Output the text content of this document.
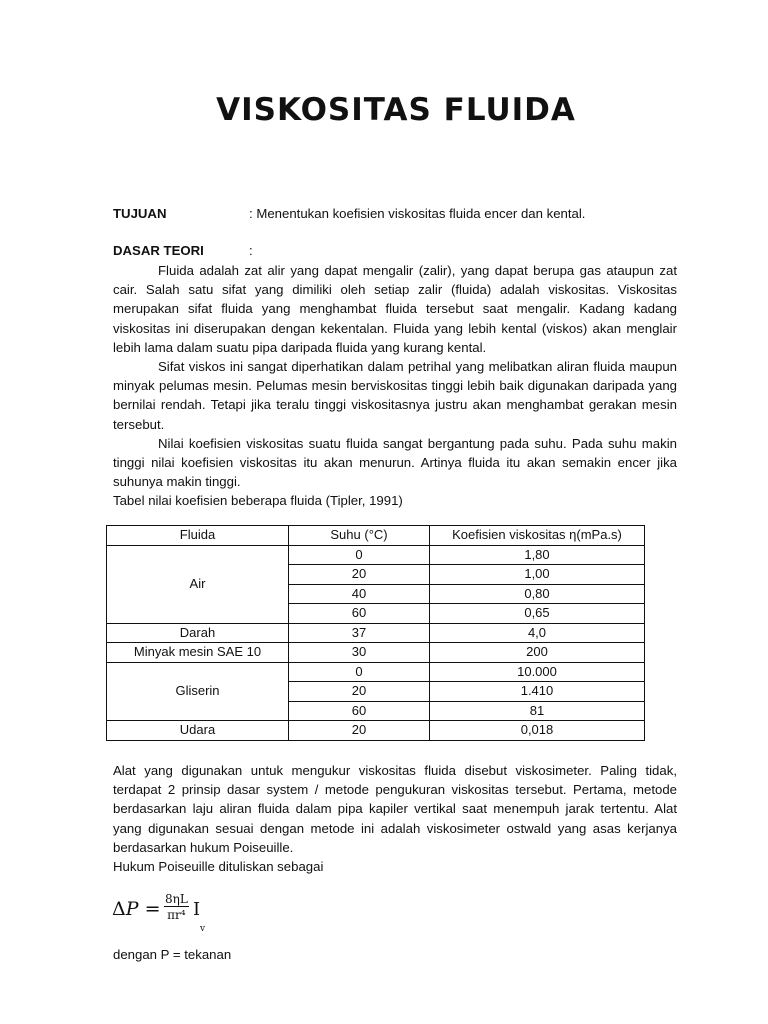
VISKOSITAS FLUIDA
TUJUAN	: Menentukan koefisien viskositas fluida encer dan kental.
DASAR TEORI	:

Fluida adalah zat alir yang dapat mengalir (zalir), yang dapat berupa gas ataupun zat cair. Salah satu sifat yang dimiliki oleh setiap zalir (fluida) adalah viskositas. Viskositas merupakan sifat fluida yang menghambat fluida tersebut saat mengalir. Kadang kadang viskositas ini diserupakan dengan kekentalan. Fluida yang lebih kental (viskos) akan menglair lebih lama dalam suatu pipa daripada fluida yang kurang kental.

Sifat viskos ini sangat diperhatikan dalam petrihal yang melibatkan aliran fluida maupun minyak pelumas mesin. Pelumas mesin berviskositas tinggi lebih baik digunakan daripada yang bernilai rendah. Tetapi jika teralu tinggi viskositasnya justru akan menghambat gerakan mesin tersebut.

Nilai koefisien viskositas suatu fluida sangat bergantung pada suhu. Pada suhu makin tinggi nilai koefisien viskositas itu akan menurun. Artinya fluida itu akan semakin encer jika suhunya makin tinggi.

Tabel nilai koefisien beberapa fluida (Tipler, 1991)

Fluida	Suhu (°C)	Koefisien viskositas η(mPa.s)
Air	0	1,80
	20	1,00
	40	0,80
	60	0,65
Darah	37	4,0
Minyak mesin SAE 10	30	200
Gliserin	0	10.000
	20	1.410
	60	81
Udara	20	0,018

Alat yang digunakan untuk mengukur viskositas fluida disebut viskosimeter. Paling tidak, terdapat 2 prinsip dasar system / metode pengukuran viskositas tersebut. Pertama, metode berdasarkan laju aliran fluida dalam pipa kapiler vertikal saat menempuh jarak tertentu. Alat yang digunakan sesuai dengan metode ini adalah viskosimeter ostwald yang asas kerjanya berdasarkan hukum Poiseuille.

Hukum Poiseuille dituliskan sebagai

$\Delta P = \frac{8\eta L}{\text{πr⁴}}$ I
v
dengan P = tekanan
